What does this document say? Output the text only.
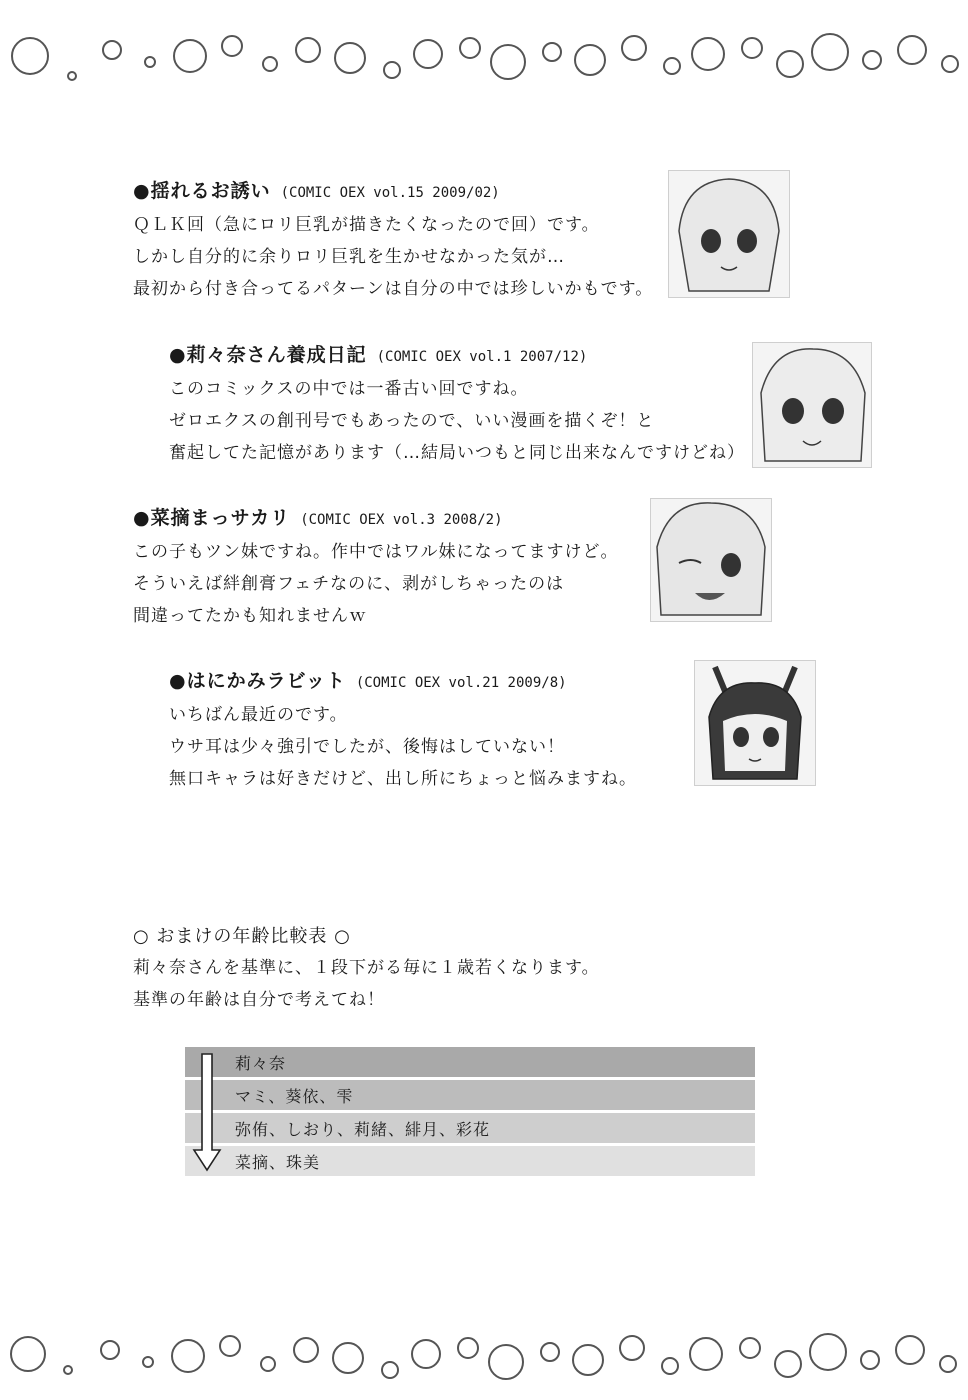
●揺れるお誘い (COMIC OEX vol.15 2009/02)
ＱＬＫ回（急にロリ巨乳が描きたくなったので回）です。
しかし自分的に余りロリ巨乳を生かせなかった気が…
最初から付き合ってるパターンは自分の中では珍しいかもです。
●莉々奈さん養成日記 (COMIC OEX vol.1 2007/12)
このコミックスの中では一番古い回ですね。
ゼロエクスの創刊号でもあったので、いい漫画を描くぞ！と
奮起してた記憶があります（…結局いつもと同じ出来なんですけどね）
●菜摘まっサカリ (COMIC OEX vol.3 2008/2)
この子もツン妹ですね。作中ではワル妹になってますけど。
そういえば絆創膏フェチなのに、剥がしちゃったのは
間違ってたかも知れませんｗ
●はにかみラビット (COMIC OEX vol.21 2009/8)
いちばん最近のです。
ウサ耳は少々強引でしたが、後悔はしていない！
無口キャラは好きだけど、出し所にちょっと悩みますね。
○ おまけの年齢比較表 ○
莉々奈さんを基準に、１段下がる毎に１歳若くなります。
基準の年齢は自分で考えてね！
莉々奈
マミ、葵依、雫
弥侑、しおり、莉緒、緋月、彩花
菜摘、珠美
